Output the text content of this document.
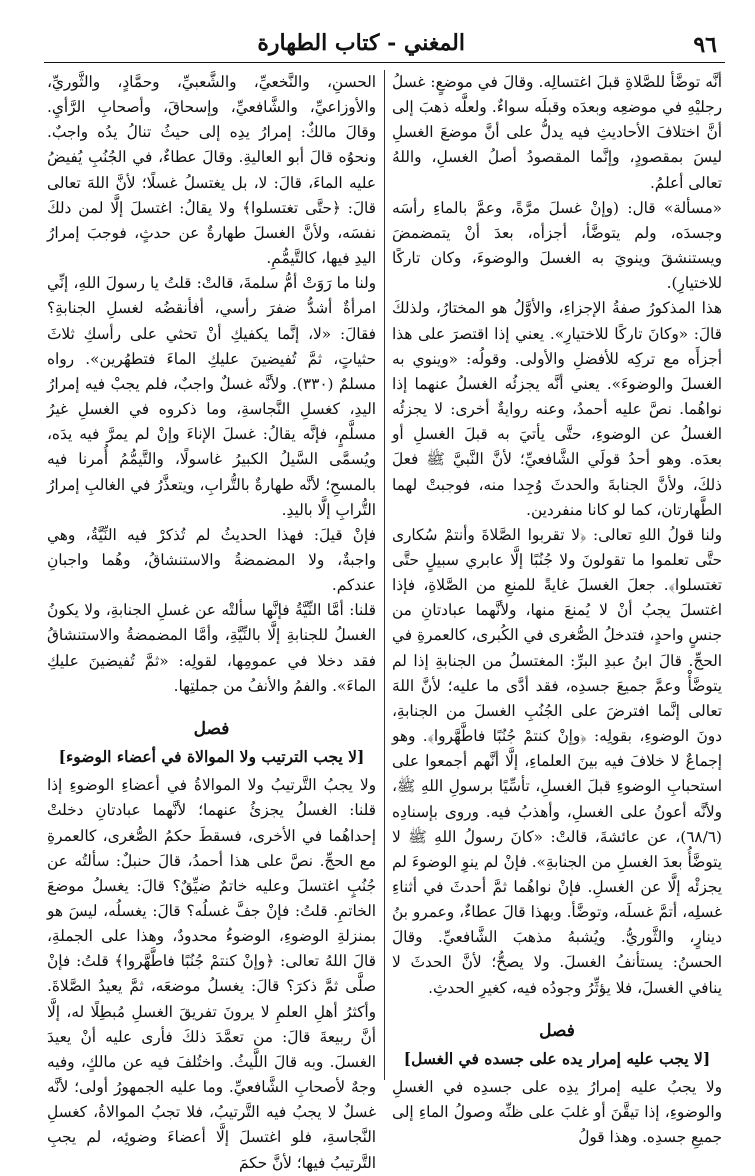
٩٦
المغني - كتاب الطهارة

أنَّه توضَّأ للصَّلاةِ قبلَ اغتسالِه. وقالَ في موضعٍ: غسلُ رجليْهِ في موضعِه وبعدَه وقبلَه سواءٌ. ولعلَّه ذهبَ إلى أنَّ اختلافَ الأحاديثِ فيه يدلُّ على أنَّ موضعَ الغسلِ ليسَ بمقصودٍ، وإنَّما المقصودُ أصلُ الغسلِ، واللهُ تعالى أعلمُ.

«مسألة» قال: (وإنْ غسلَ مرَّةً، وعمَّ بالماءِ رأسَه وجسدَه، ولم يتوضَّأ، أجزأه، بعدَ أنْ يتمضمضَ ويستنشقَ وينويَ به الغسلَ والوضوءَ، وكان تاركًا للاختيارِ).

هذا المذكورُ صفةُ الإجزاءِ، والأوَّلُ هو المختارُ، ولذلكَ قالَ: «وكانَ تاركًا للاختيارِ». يعني إذا اقتصرَ على هذا أجزأَه مع تركِه للأفضلِ والأولى. وقولُه: «وينوي به الغسلَ والوضوءَ». يعني أنَّه يجزئُه الغسلُ عنهما إذا نواهُما. نصَّ عليه أحمدُ، وعنه روايةٌ أخرى: لا يجزئُه الغسلُ عن الوضوءِ، حتَّى يأتيَ به قبلَ الغسلِ أو بعدَه. وهو أحدُ قولَي الشَّافعيِّ؛ لأنَّ النَّبيَّ ﷺ فعلَ ذلكَ، ولأنَّ الجنابةَ والحدثَ وُجِدا منه، فوجبتْ لهما الطَّهارتان، كما لو كانا منفردين.

ولنا قولُ اللهِ تعالى: ﴿لا تقربوا الصَّلاةَ وأنتمْ سُكارى حتَّى تعلموا ما تقولونَ ولا جُنُبًا إلَّا عابري سبيلٍ حتَّى تغتسلوا﴾. جعلَ الغسلَ غايةً للمنعِ من الصَّلاةِ، فإذا اغتسلَ يجبُ أنْ لا يُمنعَ منها، ولأنَّهما عبادتانِ من جنسٍ واحدٍ، فتدخلُ الصُّغرى في الكُبرى، كالعمرةِ في الحجِّ. قالَ ابنُ عبدِ البرِّ: المغتسلُ من الجنابةِ إذا لم يتوضَّأْ وعمَّ جميعَ جسدِه، فقد أدَّى ما عليه؛ لأنَّ اللهَ تعالى إنَّما افترضَ على الجُنُبِ الغسلَ من الجنابةِ، دونَ الوضوءِ، بقولِه: ﴿وإنْ كنتمْ جُنُبًا فاطَّهَّروا﴾. وهو إجماعٌ لا خلافَ فيه بينَ العلماءِ، إلَّا أنَّهم أجمعوا على استحبابِ الوضوءِ قبلَ الغسلِ، تأسِّيًا برسولِ اللهِ ﷺ، ولأنَّه أعونُ على الغسلِ، وأهذبُ فيه. وروى بإسنادِه (٦٨/٦)، عن عائشةَ، قالتْ: «كانَ رسولُ اللهِ ﷺ لا يتوضَّأُ بعدَ الغسلِ من الجنابةِ». فإنْ لم ينوِ الوضوءَ لم يجزئْه إلَّا عن الغسلِ. فإنْ نواهُما ثمَّ أحدثَ في أثناءِ غسلِه، أتمَّ غسلَه، وتوضَّأ. وبهذا قالَ عطاءٌ، وعمرو بنُ دينارٍ، والثَّوريُّ. ويُشبهُ مذهبَ الشَّافعيِّ. وقالَ الحسنُ: يستأنفُ الغسلَ. ولا يصحُّ؛ لأنَّ الحدثَ لا ينافي الغسلَ، فلا يؤثِّرُ وجودُه فيه، كغيرِ الحدثِ.

فصل
[لا يجب عليه إمرار يده على جسده في الغسل]

ولا يجبُ عليه إمرارُ يدِه على جسدِه في الغسلِ والوضوءِ، إذا تيقَّنَ أو غلبَ على ظنِّه وصولُ الماءِ إلى جميعِ جسدِه. وهذا قولُ

الحسنِ، والنَّخعيِّ، والشَّعبيِّ، وحمَّادٍ، والثَّوريِّ، والأوزاعيِّ، والشَّافعيِّ، وإسحاقَ، وأصحابِ الرَّأيِ. وقالَ مالكٌ: إمرارُ يدِه إلى حيثُ تنالُ يدُه واجبٌ. ونحوُه قالَ أبو العاليةِ. وقالَ عطاءٌ، في الجُنُبِ يُفيضُ عليه الماءَ، قالَ: لا، بل يغتسلُ غسلًا؛ لأنَّ اللهَ تعالى قالَ: ﴿حتَّى تغتسلوا﴾ ولا يقالُ: اغتسلَ إلَّا لمن دلكَ نفسَه، ولأنَّ الغسلَ طهارةٌ عن حدثٍ، فوجبَ إمرارُ اليدِ فيها، كالتَّيمُّمِ.

ولنا ما رَوَتْ أمُّ سلمةَ، قالتْ: قلتُ يا رسولَ اللهِ، إنِّي امرأةٌ أشدُّ ضفرَ رأسي، أفأنقضُه لغسلِ الجنابةِ؟ فقالَ: «لا، إنَّما يكفيكِ أنْ تحثي على رأسكِ ثلاثَ حثياتٍ، ثمَّ تُفيضينَ عليكِ الماءَ فتطهُرين». رواه مسلمٌ (٣٣٠). ولأنَّه غسلٌ واجبٌ، فلم يجبْ فيه إمرارُ اليدِ، كغسلِ النَّجاسةِ، وما ذكروه في الغسلِ غيرُ مسلَّمٍ، فإنَّه يقالُ: غسلَ الإناءَ وإنْ لم يمرَّ فيه يدَه، ويُسمَّى السَّيلُ الكبيرُ غاسولًا، والتَّيمُّمُ أُمرنا فيه بالمسحِ؛ لأنَّه طهارةٌ بالتُّرابِ، ويتعذَّرُ في الغالبِ إمرارُ التُّرابِ إلَّا باليدِ.

فإنْ قيلَ: فهذا الحديثُ لم تُذكرْ فيه النِّيَّةُ، وهي واجبةٌ، ولا المضمضةُ والاستنشاقُ، وهُما واجبانِ عندكم.

قلنا: أمَّا النِّيَّةُ فإنَّها سألتْه عن غسلِ الجنابةِ، ولا يكونُ الغسلُ للجنابةِ إلَّا بالنِّيَّةِ، وأمَّا المضمضةُ والاستنشاقُ فقد دخلا في عمومِها، لقولِه: «ثمَّ تُفيضينَ عليكِ الماءَ». والفمُ والأنفُ من جملتِها.

فصل
[لا يجب الترتيب ولا الموالاة في أعضاء الوضوء]

ولا يجبُ التَّرتيبُ ولا الموالاةُ في أعضاءِ الوضوءِ إذا قلنا: الغسلُ يجزئُ عنهما؛ لأنَّهما عبادتانِ دخلتْ إحداهُما في الأخرى، فسقطَ حكمُ الصُّغرى، كالعمرةِ مع الحجِّ. نصَّ على هذا أحمدُ، قالَ حنبلٌ: سألتُه عن جُنُبٍ اغتسلَ وعليه خاتمٌ ضيِّقٌ؟ قالَ: يغسلُ موضعَ الخاتمِ. قلتُ: فإنْ جفَّ غسلُه؟ قالَ: يغسلُه، ليسَ هو بمنزلةِ الوضوءِ، الوضوءُ محدودٌ، وهذا على الجملةِ، قالَ اللهُ تعالى: ﴿وإنْ كنتمْ جُنُبًا فاطَّهَّروا﴾ قلتُ: فإنْ صلَّى ثمَّ ذكرَ؟ قالَ: يغسلُ موضعَه، ثمَّ يعيدُ الصَّلاةَ. وأكثرُ أهلِ العلمِ لا يرونَ تفريقَ الغسلِ مُبطِلًا له، إلَّا أنَّ ربيعةَ قالَ: من تعمَّدَ ذلكَ فأرى عليه أنْ يعيدَ الغسلَ. وبه قالَ اللَّيثُ. واختُلفَ فيه عن مالكٍ، وفيه وجهٌ لأصحابِ الشَّافعيِّ. وما عليه الجمهورُ أولى؛ لأنَّه غسلٌ لا يجبُ فيه التَّرتيبُ، فلا تجبُ الموالاةُ، كغسلِ النَّجاسةِ، فلو اغتسلَ إلَّا أعضاءَ وضوئِه، لم يجبِ التَّرتيبُ فيها؛ لأنَّ حكمَ
